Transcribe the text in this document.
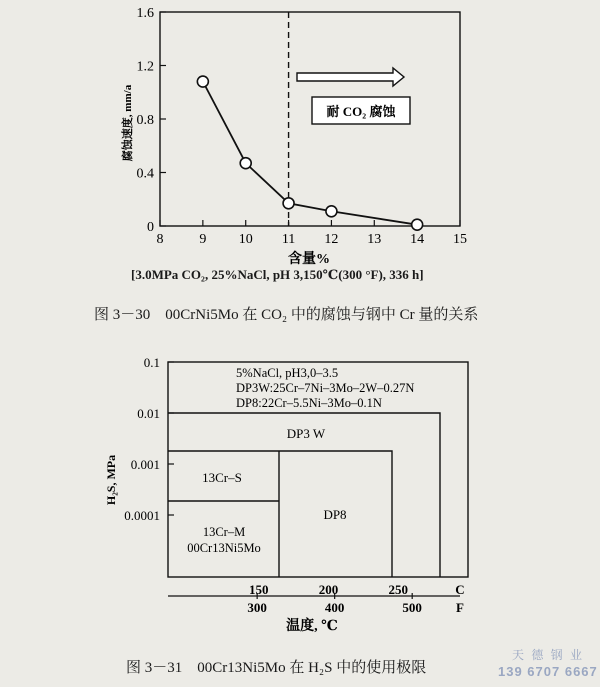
0
0.4
0.8
1.2
1.6
8	9 10 11 12 13 14 15
耐 CO₂ 腐蚀
腐蚀速度, mm/a
含量%
[3.0MPa CO₂, 25%NaCl, pH 3,150℃(300 °F), 336 h]
图 3－30　00CrNi5Mo 在 CO₂ 中的腐蚀与钢中 Cr 量的关系
0.1
0.01
0.001
0.0001
5%NaCl, pH3,0–3.5
DP3W:25Cr–7Ni–3Mo–2W–0.27N
DP8:22Cr–5.5Ni–3Mo–0.1N
DP3 W
DP8
13Cr–S
13Cr–M
00Cr13Ni5Mo
H₂S, MPa
150	200	250	C
300	400	500	F
温度, ℃
图 3－31　00Cr13Ni5Mo 在 H₂S 中的使用极限
天 德 钢 业
139 6707 6667
